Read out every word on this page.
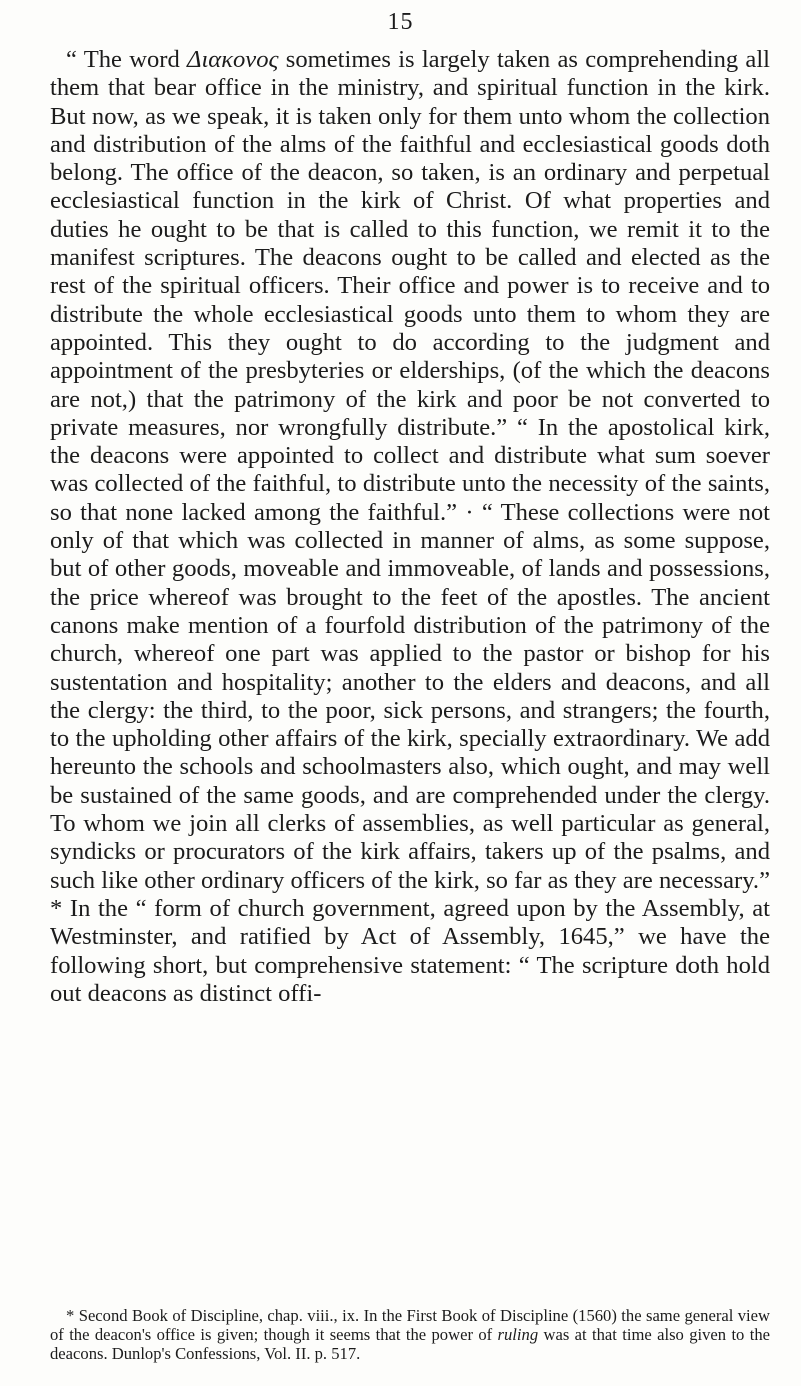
15

“ The word Διακονος sometimes is largely taken as comprehending all them that bear office in the ministry, and spiritual function in the kirk. But now, as we speak, it is taken only for them unto whom the collection and distribution of the alms of the faithful and ecclesiastical goods doth belong. The office of the deacon, so taken, is an ordinary and perpetual ecclesiastical function in the kirk of Christ. Of what properties and duties he ought to be that is called to this function, we remit it to the manifest scriptures. The deacons ought to be called and elected as the rest of the spiritual officers. Their office and power is to receive and to distribute the whole ecclesiastical goods unto them to whom they are appointed. This they ought to do according to the judgment and appointment of the presbyteries or elderships, (of the which the deacons are not,) that the patrimony of the kirk and poor be not converted to private measures, nor wrongfully distribute.” “ In the apostolical kirk, the deacons were appointed to collect and distribute what sum soever was collected of the faithful, to distribute unto the necessity of the saints, so that none lacked among the faithful.” · “ These collections were not only of that which was collected in manner of alms, as some suppose, but of other goods, moveable and immoveable, of lands and possessions, the price whereof was brought to the feet of the apostles. The ancient canons make mention of a fourfold distribution of the patrimony of the church, whereof one part was applied to the pastor or bishop for his sustentation and hospitality; another to the elders and deacons, and all the clergy: the third, to the poor, sick persons, and strangers; the fourth, to the upholding other affairs of the kirk, specially extraordinary. We add hereunto the schools and schoolmasters also, which ought, and may well be sustained of the same goods, and are comprehended under the clergy. To whom we join all clerks of assemblies, as well particular as general, syndicks or procurators of the kirk affairs, takers up of the psalms, and such like other ordinary officers of the kirk, so far as they are necessary.” * In the “ form of church government, agreed upon by the Assembly, at Westminster, and ratified by Act of Assembly, 1645,” we have the following short, but comprehensive statement: “ The scripture doth hold out deacons as distinct offi-

* Second Book of Discipline, chap. viii., ix. In the First Book of Discipline (1560) the same general view of the deacon's office is given; though it seems that the power of ruling was at that time also given to the deacons. Dunlop's Confessions, Vol. II. p. 517.
